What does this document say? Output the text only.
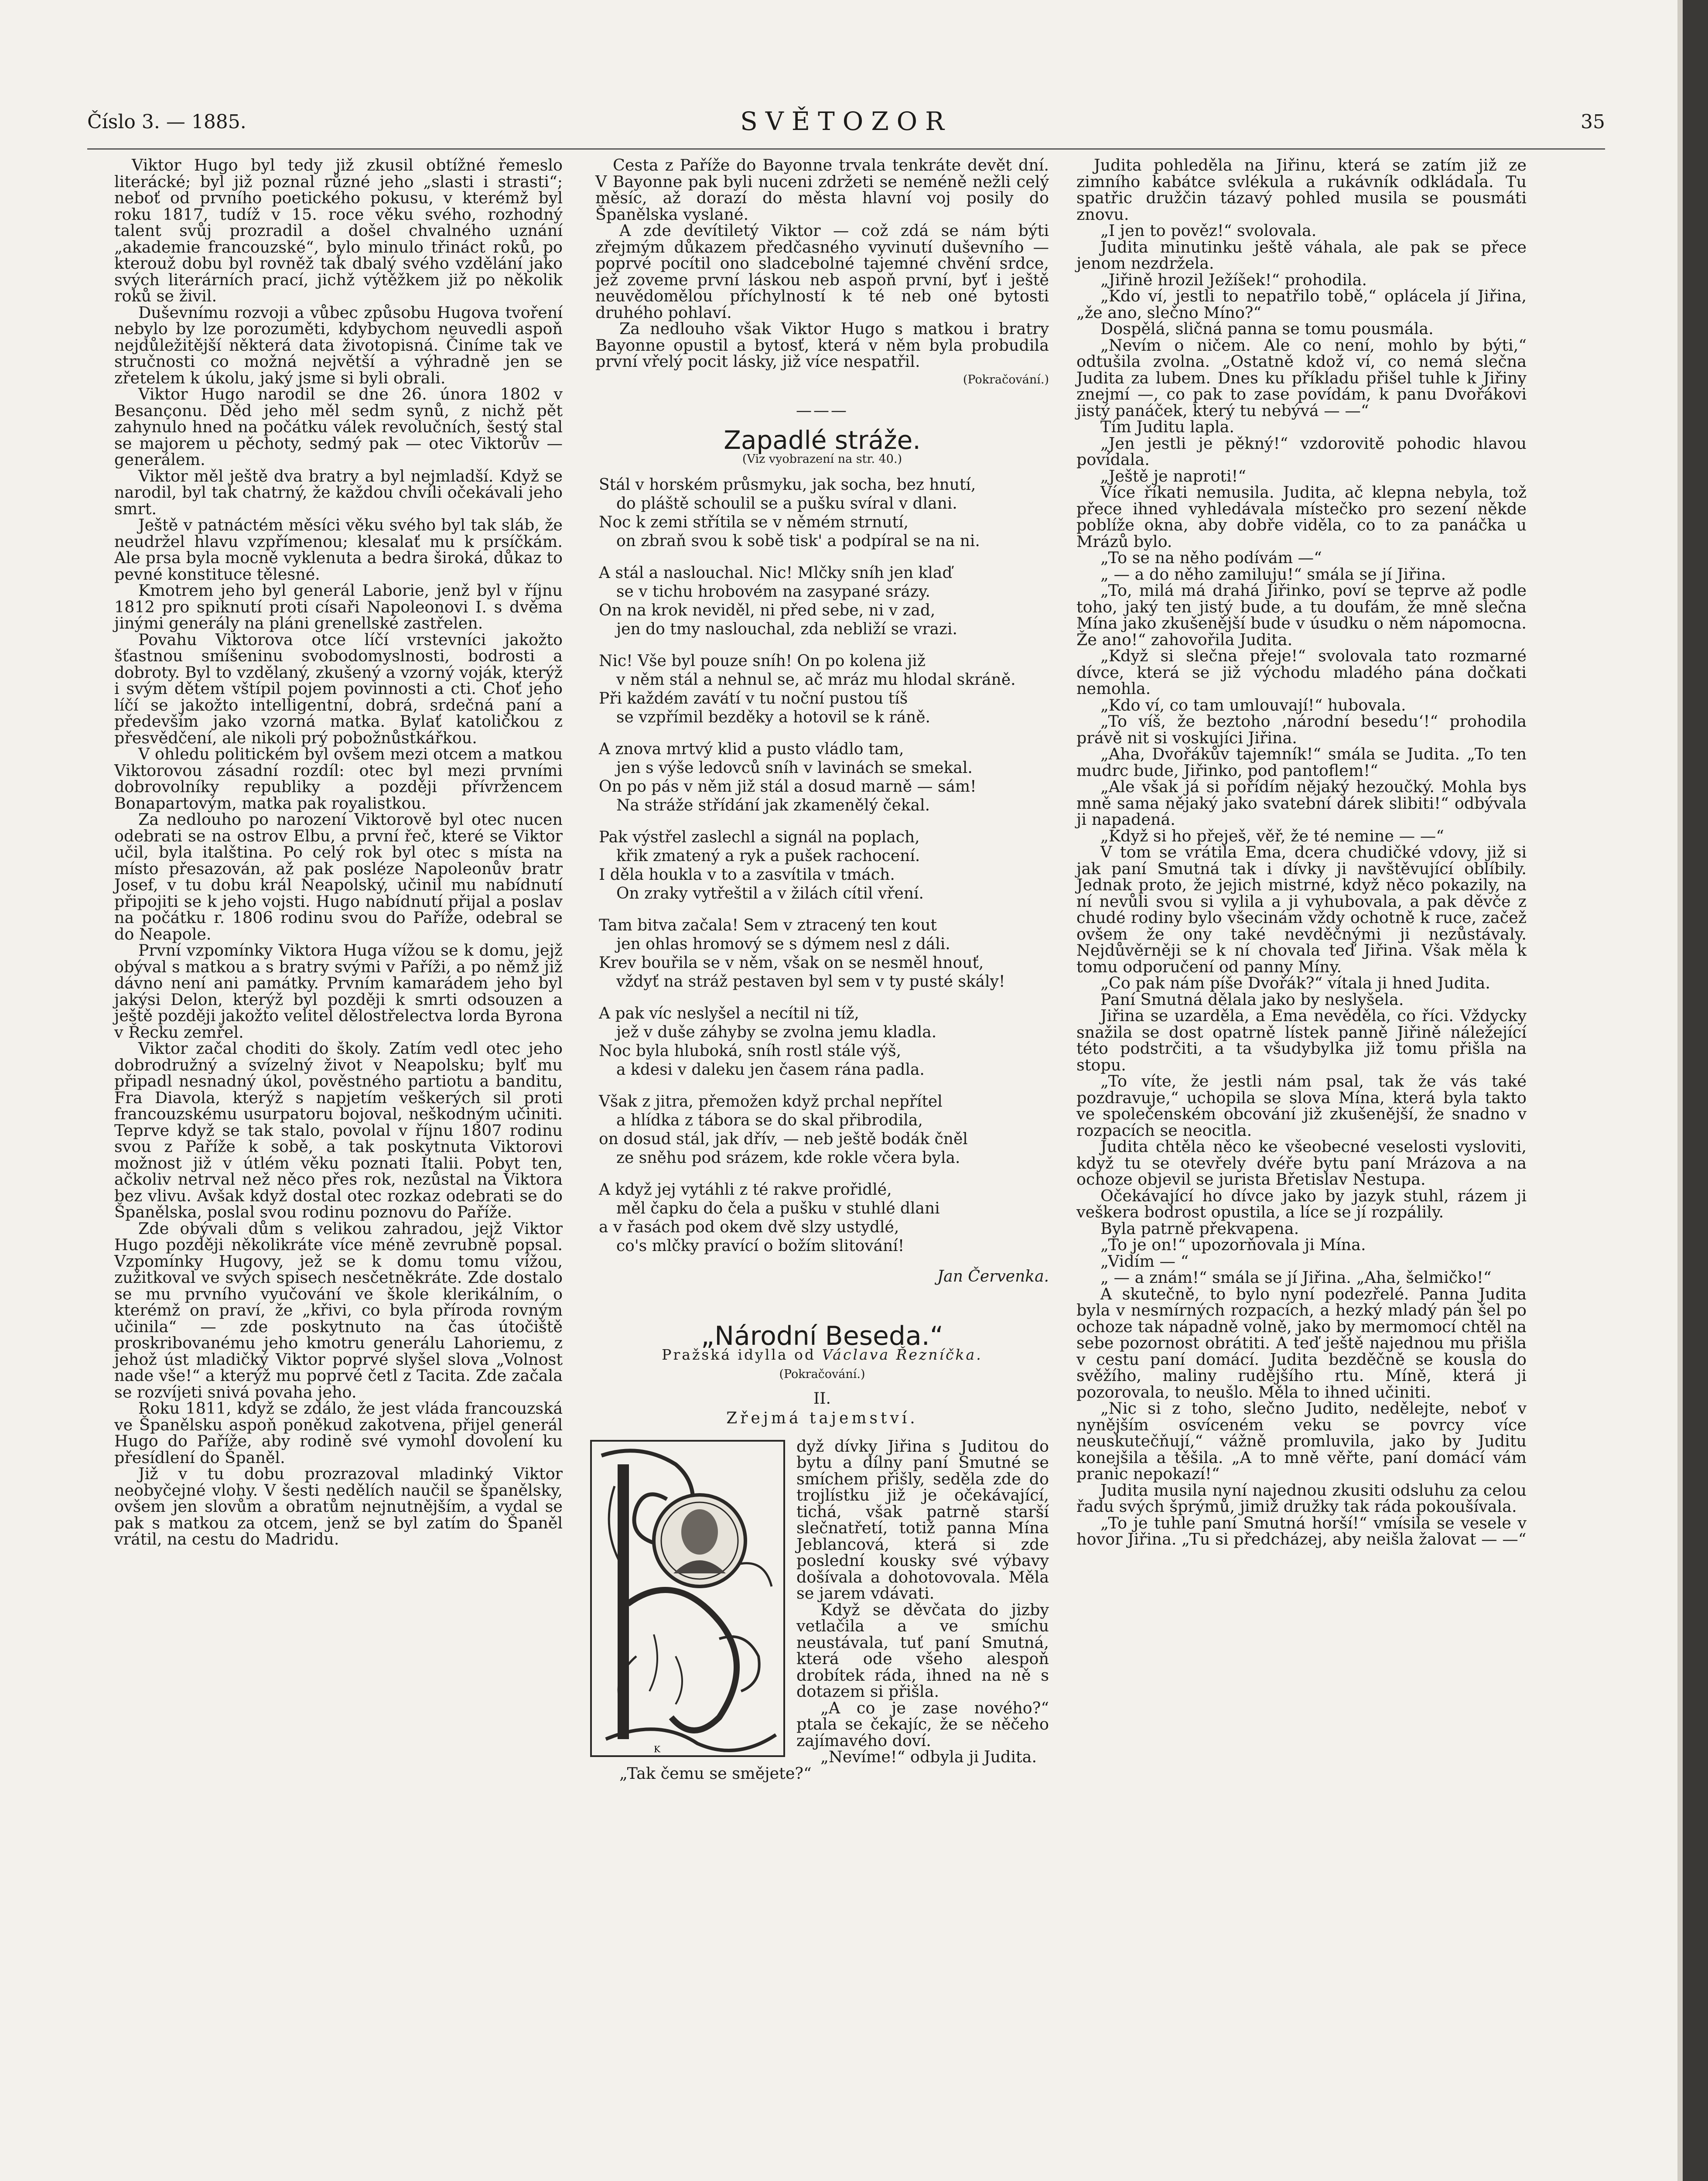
Číslo 3. — 1885.	SVĚTOZOR	35

Viktor Hugo byl tedy již zkusil obtížné řemeslo literácké; byl již poznal různé jeho „slasti i strasti“; neboť od prvního poetického pokusu, v kterémž byl roku 1817, tudíž v 15. roce věku svého, rozhodný talent svůj prozradil a došel chvalného uznání „akademie francouzské“, bylo minulo třináct roků, po kterouž dobu byl rovněž tak dbalý svého vzdělání jako svých literárních prací, jichž výtěžkem již po několik roků se živil.

Duševnímu rozvoji a vůbec způsobu Hugova tvoření nebylo by lze porozuměti, kdybychom neuvedli aspoň nejdůležitější některá data životopisná. Činíme tak ve stručnosti co možná největší a výhradně jen se zřetelem k úkolu, jaký jsme si byli obrali.

Viktor Hugo narodil se dne 26. února 1802 v Besançonu. Děd jeho měl sedm synů, z nichž pět zahynulo hned na počátku válek revolučních, šestý stal se majorem u pěchoty, sedmý pak — otec Viktorův — generálem.

Viktor měl ještě dva bratry a byl nejmladší. Když se narodil, byl tak chatrný, že každou chvíli očekávali jeho smrt.

Ještě v patnáctém měsíci věku svého byl tak sláb, že neudržel hlavu vzpřímenou; klesalať mu k prsíčkám. Ale prsa byla mocně vyklenuta a bedra široká, důkaz to pevné konstituce tělesné.

Kmotrem jeho byl generál Laborie, jenž byl v říjnu 1812 pro spiknutí proti císaři Napoleonovi I. s dvěma jinými generály na pláni grenellské zastřelen.

Povahu Viktorova otce líčí vrstevníci jakožto šťastnou smíšeninu svobodomyslnosti, bodrosti a dobroty. Byl to vzdělaný, zkušený a vzorný voják, kterýž i svým dětem vštípil pojem povinnosti a cti. Choť jeho líčí se jakožto intelligentní, dobrá, srdečná paní a především jako vzorná matka. Bylať katoličkou z přesvědčení, ale nikoli prý pobožnůstkářkou.

V ohledu politickém byl ovšem mezi otcem a matkou Viktorovou zásadní rozdíl: otec byl mezi prvními dobrovolníky republiky a později přívržencem Bonapartovým, matka pak royalistkou.

Za nedlouho po narození Viktorově byl otec nucen odebrati se na ostrov Elbu, a první řeč, které se Viktor učil, byla italština. Po celý rok byl otec s místa na místo přesazován, až pak posléze Napoleonův bratr Josef, v tu dobu král Neapolský, učinil mu nabídnutí připojiti se k jeho vojsti. Hugo nabídnutí přijal a poslav na počátku r. 1806 rodinu svou do Paříže, odebral se do Neapole.

První vzpomínky Viktora Huga vížou se k domu, jejž obýval s matkou a s bratry svými v Paříži, a po němž již dávno není ani památky. Prvním kamarádem jeho byl jakýsi Delon, kterýž byl později k smrti odsouzen a ještě později jakožto velitel dělostřelectva lorda Byrona v Řecku zemřel.

Viktor začal choditi do školy. Zatím vedl otec jeho dobrodružný a svízelný život v Neapolsku; bylť mu připadl nesnadný úkol, pověstného partiotu a banditu, Fra Diavola, kterýž s napjetím veškerých sil proti francouzskému usurpatoru bojoval, neškodným učiniti. Teprve když se tak stalo, povolal v říjnu 1807 rodinu svou z Paříže k sobě, a tak poskytnuta Viktorovi možnost již v útlém věku poznati Italii. Pobyt ten, ačkoliv netrval než něco přes rok, nezůstal na Viktora bez vlivu. Avšak když dostal otec rozkaz odebrati se do Španělska, poslal svou rodinu poznovu do Paříže.

Zde obývali dům s velikou zahradou, jejž Viktor Hugo později několikráte více méně zevrubně popsal. Vzpomínky Hugovy, jež se k domu tomu vížou, zužitkoval ve svých spisech nesčetněkráte. Zde dostalo se mu prvního vyučování ve škole klerikálním, o kterémž on praví, že „křivi, co byla příroda rovným učinila“ — zde poskytnuto na čas útočiště proskribovanému jeho kmotru generálu Lahoriemu, z jehož úst mladičký Viktor poprvé slyšel slova „Volnost nade vše!“ a kterýž mu poprvé četl z Tacita. Zde začala se rozvíjeti snivá povaha jeho.

Roku 1811, když se zdálo, že jest vláda francouzská ve Španělsku aspoň poněkud zakotvena, přijel generál Hugo do Paříže, aby rodině své vymohl dovolení ku přesídlení do Španěl.

Již v tu dobu prozrazoval mladinký Viktor neobyčejné vlohy. V šesti nedělích naučil se španělsky, ovšem jen slovům a obratům nejnutnějším, a vydal se pak s matkou za otcem, jenž se byl zatím do Španěl vrátil, na cestu do Madridu.

Cesta z Paříže do Bayonne trvala tenkráte devět dní. V Bayonne pak byli nuceni zdržeti se neméně nežli celý měsíc, až dorazí do města hlavní voj posily do Španělska vyslané.

A zde devítiletý Viktor — což zdá se nám býti zřejmým důkazem předčasného vyvinutí duševního — poprvé pocítil ono sladcebolné tajemné chvění srdce, jež zoveme první láskou neb aspoň první, byť i ještě neuvědomělou příchylností k té neb oné bytosti druhého pohlaví.

Za nedlouho však Viktor Hugo s matkou i bratry Bayonne opustil a bytosť, která v něm byla probudila první vřelý pocit lásky, již více nespatřil.

(Pokračování.)
———
Zapadlé stráže.
(Viz vyobrazení na str. 40.)
Stál v horském průsmyku, jak socha, bez hnutí,
do pláště schoulil se a pušku svíral v dlani.
Noc k zemi střítila se v němém strnutí,
on zbraň svou k sobě tisk' a podpíral se na ni.
A stál a naslouchal. Nic! Mlčky sníh jen klaď
se v tichu hrobovém na zasypané srázy.
On na krok neviděl, ni před sebe, ni v zad,
jen do tmy naslouchal, zda nebliží se vrazi.
Nic! Vše byl pouze sníh! On po kolena již
v něm stál a nehnul se, ač mráz mu hlodal skráně.
Při každém zavátí v tu noční pustou tíš
se vzpřímil bezděky a hotovil se k ráně.
A znova mrtvý klid a pusto vládlo tam,
jen s výše ledovců sníh v lavinách se smekal.
On po pás v něm již stál a dosud marně — sám!
Na stráže střídání jak zkamenělý čekal.
Pak výstřel zaslechl a signál na poplach,
křik zmatený a ryk a pušek rachocení.
I děla houkla v to a zasvítila v tmách.
On zraky vytřeštil a v žilách cítil vření.
Tam bitva začala! Sem v ztracený ten kout
jen ohlas hromový se s dýmem nesl z dáli.
Krev bouřila se v něm, však on se nesměl hnouť,
vždyť na stráž pestaven byl sem v ty pusté skály!
A pak víc neslyšel a necítil ni tíž,
jež v duše záhyby se zvolna jemu kladla.
Noc byla hluboká, sníh rostl stále výš,
a kdesi v daleku jen časem rána padla.
Však z jitra, přemožen když prchal nepřítel
a hlídka z tábora se do skal přibrodila,
on dosud stál, jak dřív, — neb ještě bodák čněl
ze sněhu pod srázem, kde rokle včera byla.
A když jej vytáhli z té rakve prořidlé,
měl čapku do čela a pušku v stuhlé dlani
a v řasách pod okem dvě slzy ustydlé,
co's mlčky pravící o božím slitování!
Jan Červenka.
„Národní Beseda.“

Pražská idylla od Václava Řezníčka.

(Pokračování.)
II.
Zřejmá tajemství.
K

dyž dívky Jiřina s Juditou do bytu a dílny paní Smutné se smíchem přišly, seděla zde do trojlístku již je očekávající, tichá, však patrně starší slečnatřetí, totiž panna Mína Jeblancová, která si zde poslední kousky své výbavy došívala a dohotovovala. Měla se jarem vdávati.

Když se děvčata do jizby vetlačila a ve smíchu neustávala, tuť paní Smutná, která ode všeho alespoň drobítek ráda, ihned na ně s dotazem si přišla.

„A co je zase nového?“ ptala se čekajíc, že se něčeho zajímavého doví.

„Nevíme!“ odbyla ji Judita.

„Tak čemu se smějete?“

Judita pohleděla na Jiřinu, která se zatím již ze zimního kabátce svlékula a rukávník odkládala. Tu spatřic družčin tázavý pohled musila se pousmáti znovu.

„I jen to pověz!“ svolovala.

Judita minutinku ještě váhala, ale pak se přece jenom nezdržela.

„Jiřině hrozil Ježíšek!“ prohodila.

„Kdo ví, jestli to nepatřilo tobě,“ oplácela jí Jiřina, „že ano, slečno Míno?“

Dospělá, sličná panna se tomu pousmála.

„Nevím o ničem. Ale co není, mohlo by býti,“ odtušila zvolna. „Ostatně kdož ví, co nemá slečna Judita za lubem. Dnes ku příkladu přišel tuhle k Jiřiny znejmí —, co pak to zase povídám, k panu Dvořákovi jistý panáček, který tu nebývá — —“

Tím Juditu lapla.

„Jen jestli je pěkný!“ vzdorovitě pohodic hlavou povídala.

„Ještě je naproti!“

Více říkati nemusila. Judita, ač klepna nebyla, tož přece ihned vyhledávala místečko pro sezení někde poblíže okna, aby dobře viděla, co to za panáčka u Mrázů bylo.

„To se na něho podívám —“

„ — a do něho zamiluju!“ smála se jí Jiřina.

„To, milá má drahá Jiřinko, poví se teprve až podle toho, jaký ten jistý bude, a tu doufám, že mně slečna Mína jako zkušenější bude v úsudku o něm nápomocna. Že ano!“ zahovořila Judita.

„Když si slečna přeje!“ svolovala tato rozmarné dívce, která se již východu mladého pána dočkati nemohla.

„Kdo ví, co tam umlouvají!“ hubovala.

„To víš, že beztoho ‚národní besedu‘!“ prohodila právě nit si voskujíci Jiřina.

„Aha, Dvořákův tajemník!“ smála se Judita. „To ten mudrc bude, Jiřinko, pod pantoflem!“

„Ale však já si pořídím nějaký hezoučký. Mohla bys mně sama nějaký jako svatební dárek slibiti!“ odbývala ji napadená.

„Když si ho přeješ, věř, že té nemine — —“

V tom se vrátila Ema, dcera chudičké vdovy, již si jak paní Smutná tak i dívky ji navštěvující oblíbily. Jednak proto, že jejich mistrné, když něco pokazily, na ní nevůli svou si vylila a ji vyhubovala, a pak děvče z chudé rodiny bylo všecinám vždy ochotně k ruce, začež ovšem že ony také nevděčnými ji nezůstávaly. Nejdůvěrněji se k ní chovala teď Jiřina. Však měla k tomu odporučení od panny Míny.

„Co pak nám píše Dvořák?“ vítala ji hned Judita.

Paní Smutná dělala jako by neslyšela.

Jiřina se uzarděla, a Ema nevěděla, co říci. Vždycky snažila se dost opatrně lístek panně Jiřině náležející této podstrčiti, a ta všudybylka již tomu přišla na stopu.

„To víte, že jestli nám psal, tak že vás také pozdravuje,“ uchopila se slova Mína, která byla takto ve společenském obcování již zkušenější, že snadno v rozpacích se neocitla.

Judita chtěla něco ke všeobecné veselosti vysloviti, když tu se otevřely dvéře bytu paní Mrázova a na ochoze objevil se jurista Břetislav Nestupa.

Očekávající ho dívce jako by jazyk stuhl, rázem ji veškera bodrost opustila, a líce se jí rozpálily.

Byla patrně překvapena.

„To je on!“ upozorňovala ji Mína.

„Vidím — “

„ — a znám!“ smála se jí Jiřina. „Aha, šelmičko!“

A skutečně, to bylo nyní podezřelé. Panna Judita byla v nesmírných rozpacích, a hezký mladý pán šel po ochoze tak nápadně volně, jako by mermomocí chtěl na sebe pozornost obrátiti. A teď ještě najednou mu přišla v cestu paní domácí. Judita bezděčně se kousla do svěžího, maliny rudějšího rtu. Míně, která ji pozorovala, to neušlo. Měla to ihned učiniti.

„Nic si z toho, slečno Judito, nedělejte, neboť v nynějším osvíceném veku se povrcy více neuskutečňují,“ vážně promluvila, jako by Juditu konejšila a těšila. „A to mně věřte, paní domácí vám pranic nepokazí!“

Judita musila nyní najednou zkusiti odsluhu za celou řadu svých šprýmů, jimiž družky tak ráda pokoušívala.

„To je tuhle paní Smutná horší!“ vmísila se vesele v hovor Jiřina. „Tu si předcházej, aby neišla žalovat — —“
